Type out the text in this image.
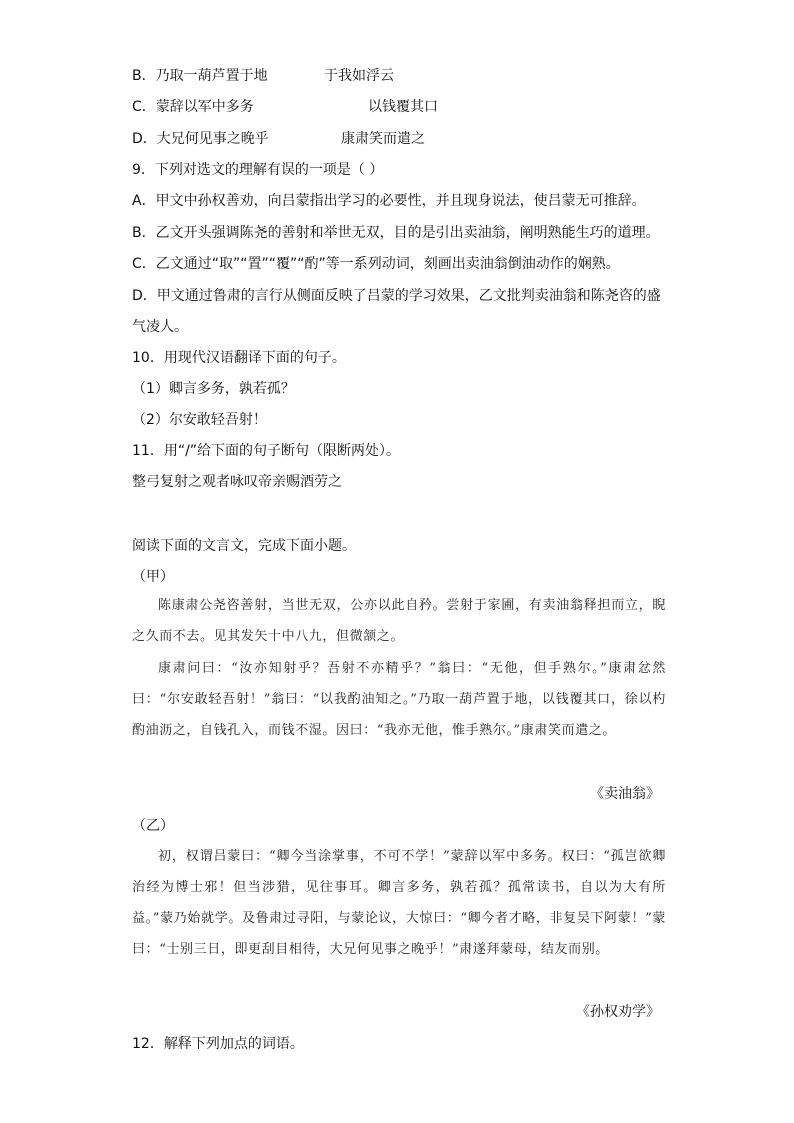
B．乃取一葫芦置于地	于我如浮云
C．蒙辞以军中多务	以钱覆其口
D．大兄何见事之晚乎	康肃笑而遣之
9．下列对选文的理解有误的一项是（ ）
A．甲文中孙权善劝，向吕蒙指出学习的必要性，并且现身说法，使吕蒙无可推辞。
B．乙文开头强调陈尧的善射和举世无双，目的是引出卖油翁，阐明熟能生巧的道理。
C．乙文通过“取”“置”“覆”“酌”等一系列动词，刻画出卖油翁倒油动作的娴熟。
D．甲文通过鲁肃的言行从侧面反映了吕蒙的学习效果，乙文批判卖油翁和陈尧咨的盛
气凌人。
10．用现代汉语翻译下面的句子。
（1）卿言多务，孰若孤？
（2）尔安敢轻吾射！
11．用“/”给下面的句子断句（限断两处）。
整弓复射之观者咏叹帝亲赐酒劳之
阅读下面的文言文，完成下面小题。
（甲）
陈康肃公尧咨善射，当世无双，公亦以此自矜。尝射于家圃，有卖油翁释担而立，睨之久而不去。见其发矢十中八九，但微颔之。
康肃问曰：“汝亦知射乎？吾射不亦精乎？”翁曰：“无他，但手熟尔。”康肃忿然曰：“尔安敢轻吾射！”翁曰：“以我酌油知之。”乃取一葫芦置于地，以钱覆其口，徐以杓酌油沥之，自钱孔入，而钱不湿。因曰：“我亦无他，惟手熟尔。”康肃笑而遣之。
《卖油翁》
（乙）
初，权谓吕蒙曰：“卿今当涂掌事，不可不学！”蒙辞以军中多务。权曰：“孤岂欲卿治经为博士邪！但当涉猎，见往事耳。卿言多务，孰若孤？孤常读书，自以为大有所益。”蒙乃始就学。及鲁肃过寻阳，与蒙论议，大惊曰：“卿今者才略，非复吴下阿蒙！”蒙曰：“士别三日，即更刮目相待，大兄何见事之晚乎！”肃遂拜蒙母，结友而别。
《孙权劝学》
12．解释下列加点的词语。
